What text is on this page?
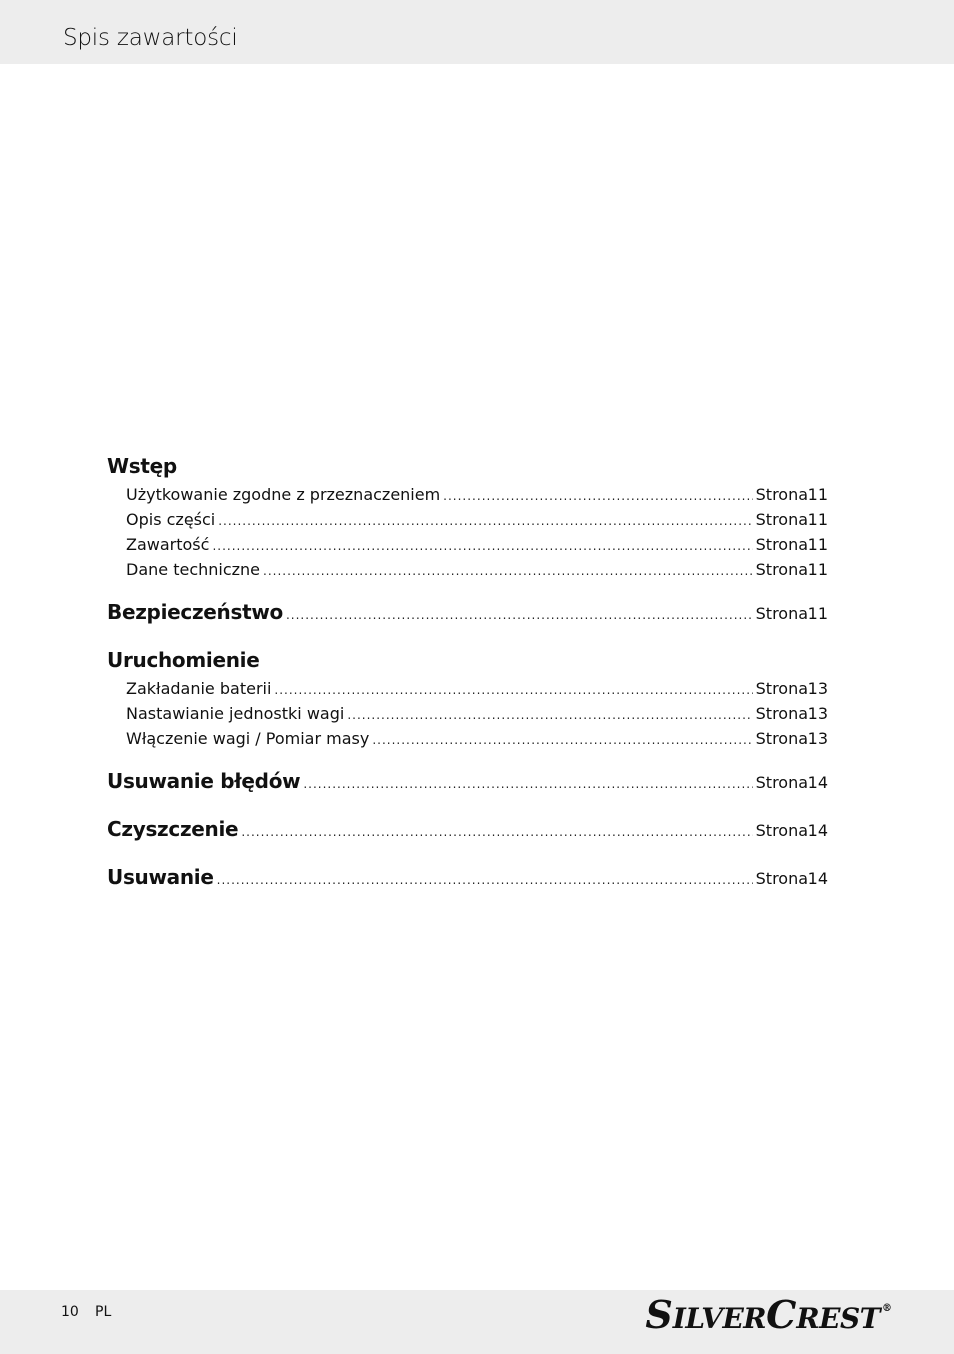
Spis zawartości
Wstęp
Użytkowanie zgodne z przeznaczeniem .....	Strona 11
Opis części .....	Strona 11
Zawartość .....	Strona 11
Dane techniczne .....	Strona 11
Bezpieczeństwo .....	Strona 11
Uruchomienie
Zakładanie baterii .....	Strona 13
Nastawianie jednostki wagi .....	Strona 13
Włączenie wagi / Pomiar masy .....	Strona 13
Usuwanie błędów .....	Strona 14
Czyszczenie .....	Strona 14
Usuwanie .....	Strona 14
10 PL	S ILVER C REST ®
